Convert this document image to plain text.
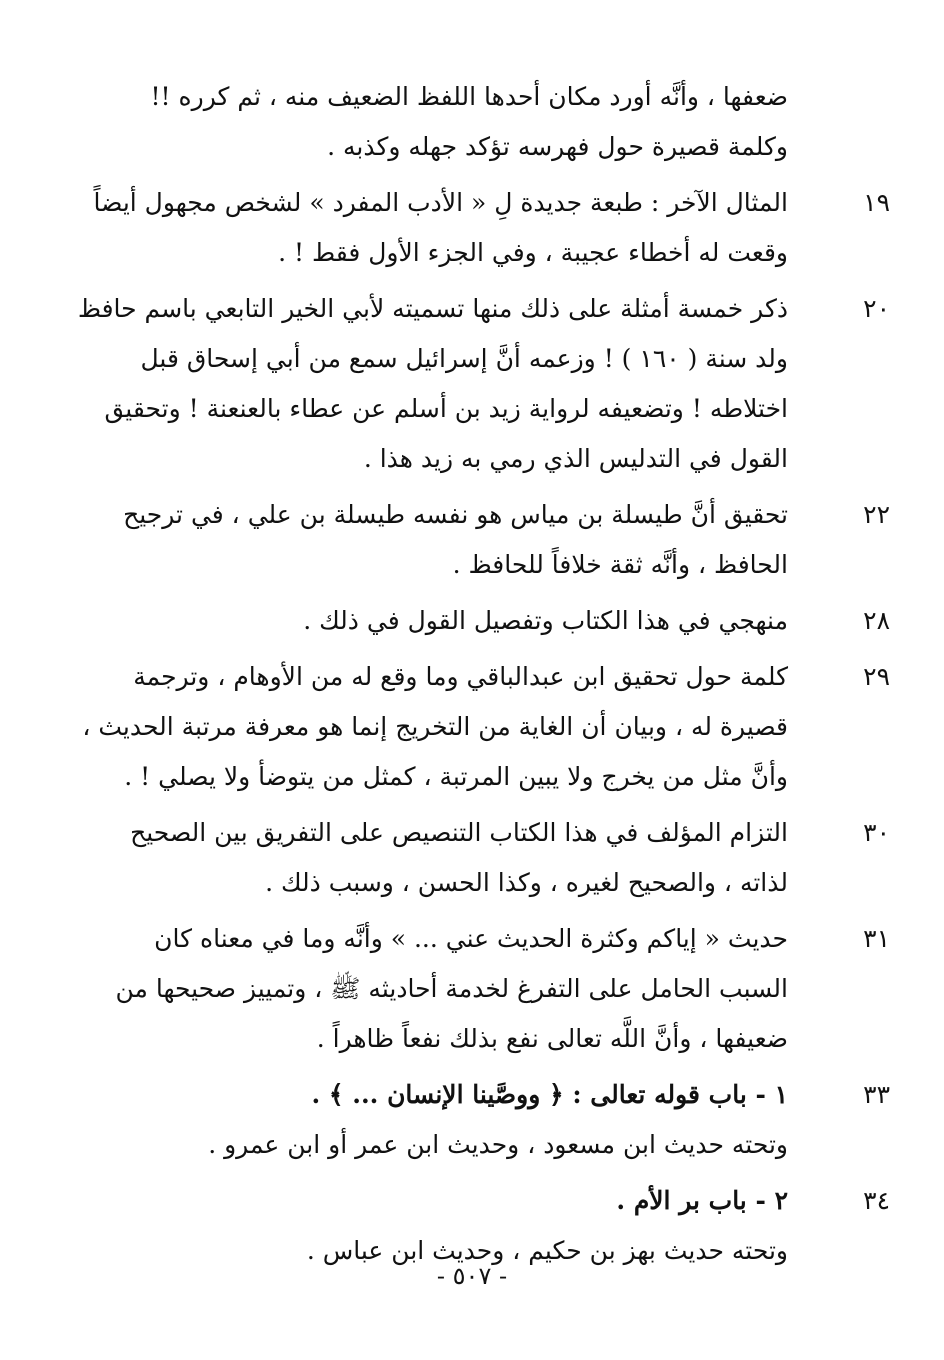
ضعفها ، وأنَّه أورد مكان أحدها اللفظ الضعيف منه ، ثم كرره !!
وكلمة قصيرة حول فهرسه تؤكد جهله وكذبه .
١٩
المثال الآخر : طبعة جديدة لِ « الأدب المفرد » لشخص مجهول أيضاً
وقعت له أخطاء عجيبة ، وفي الجزء الأول فقط ! .
٢٠
ذكر خمسة أمثلة على ذلك منها تسميته لأبي الخير التابعي باسم حافظ
ولد سنة ( ١٦٠ ) ! وزعمه أنَّ إسرائيل سمع من أبي إسحاق قبل
اختلاطه ! وتضعيفه لرواية زيد بن أسلم عن عطاء بالعنعنة ! وتحقيق
القول في التدليس الذي رمي به زيد هذا .
٢٢
تحقيق أنَّ طيسلة بن مياس هو نفسه طيسلة بن علي ، في ترجيح
الحافظ ، وأنَّه ثقة خلافاً للحافظ .
٢٨
منهجي في هذا الكتاب وتفصيل القول في ذلك .
٢٩
كلمة حول تحقيق ابن عبدالباقي وما وقع له من الأوهام ، وترجمة
قصيرة له ، وبيان أن الغاية من التخريج إنما هو معرفة مرتبة الحديث ،
وأنَّ مثل من يخرج ولا يبين المرتبة ، كمثل من يتوضأ ولا يصلي ! .
٣٠
التزام المؤلف في هذا الكتاب التنصيص على التفريق بين الصحيح
لذاته ، والصحيح لغيره ، وكذا الحسن ، وسبب ذلك .
٣١
حديث « إياكم وكثرة الحديث عني ... » وأنَّه وما في معناه كان
السبب الحامل على التفرغ لخدمة أحاديثه ﷺ ، وتمييز صحيحها من
ضعيفها ، وأنَّ اللَّه تعالى نفع بذلك نفعاً ظاهراً .
٣٣
١ - باب قوله تعالى : ﴿ ووصَّينا الإنسان ... ﴾ .
وتحته حديث ابن مسعود ، وحديث ابن عمر أو ابن عمرو .
٣٤
٢ - باب بر الأم .
وتحته حديث بهز بن حكيم ، وحديث ابن عباس .
- ٥٠٧ -
